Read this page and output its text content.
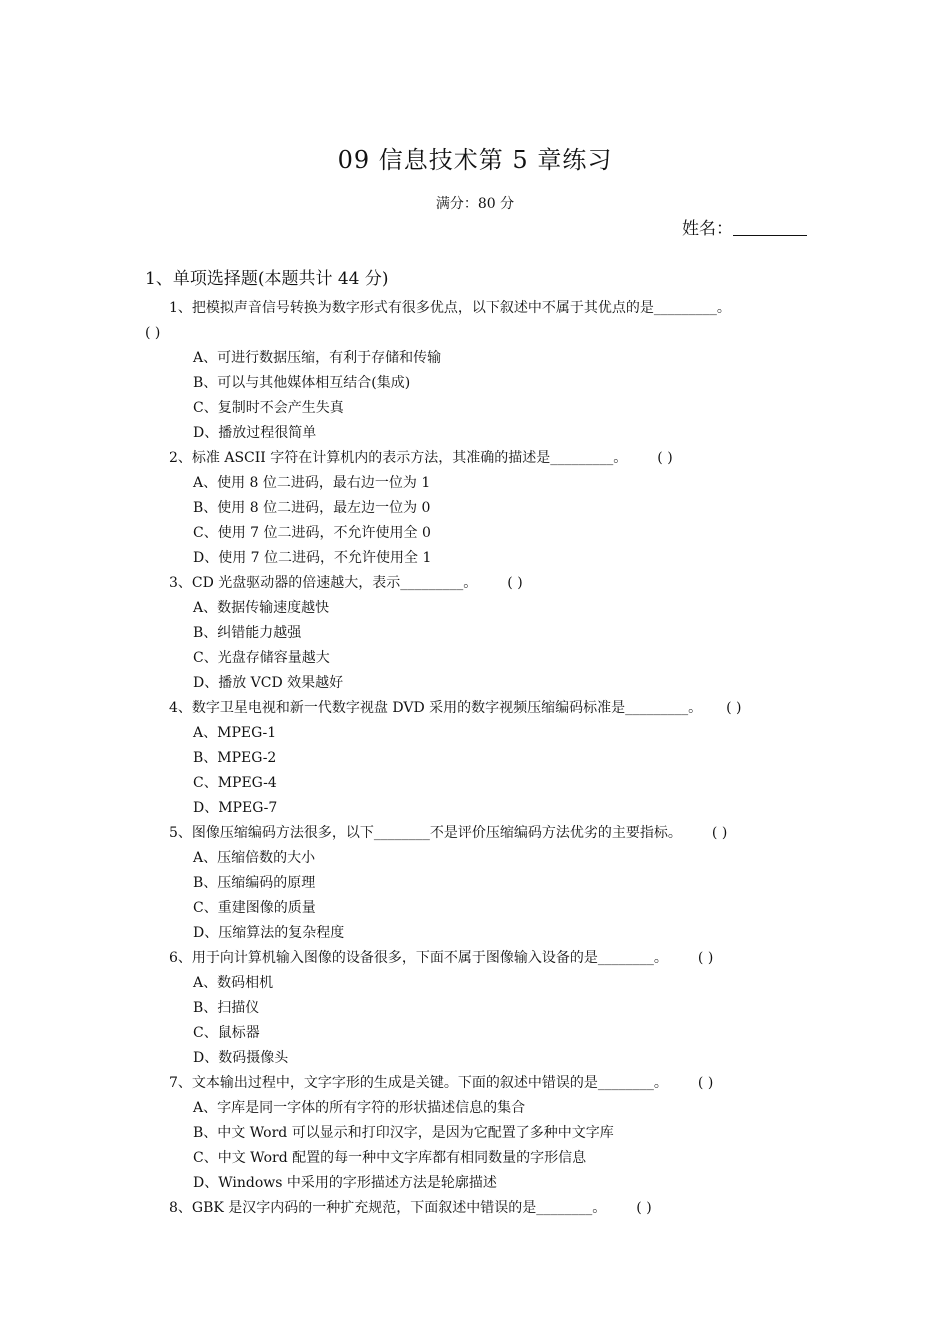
09 信息技术第 5 章练习
满分：80 分
姓名：
1、单项选择题(本题共计 44 分)
1、把模拟声音信号转换为数字形式有很多优点，以下叙述中不属于其优点的是_________。
( )
A、可进行数据压缩，有利于存储和传输
B、可以与其他媒体相互结合(集成)
C、复制时不会产生失真
D、播放过程很简单
2、标准 ASCII 字符在计算机内的表示方法，其准确的描述是_________。 ( )
A、使用 8 位二进码，最右边一位为 1
B、使用 8 位二进码，最左边一位为 0
C、使用 7 位二进码，不允许使用全 0
D、使用 7 位二进码，不允许使用全 1
3、CD 光盘驱动器的倍速越大，表示_________。 ( )
A、数据传输速度越快
B、纠错能力越强
C、光盘存储容量越大
D、播放 VCD 效果越好
4、数字卫星电视和新一代数字视盘 DVD 采用的数字视频压缩编码标准是_________。 ( )
A、MPEG-1
B、MPEG-2
C、MPEG-4
D、MPEG-7
5、图像压缩编码方法很多，以下________不是评价压缩编码方法优劣的主要指标。 ( )
A、压缩倍数的大小
B、压缩编码的原理
C、重建图像的质量
D、压缩算法的复杂程度
6、用于向计算机输入图像的设备很多，下面不属于图像输入设备的是________。 ( )
A、数码相机
B、扫描仪
C、鼠标器
D、数码摄像头
7、文本输出过程中，文字字形的生成是关键。下面的叙述中错误的是________。 ( )
A、字库是同一字体的所有字符的形状描述信息的集合
B、中文 Word 可以显示和打印汉字，是因为它配置了多种中文字库
C、中文 Word 配置的每一种中文字库都有相同数量的字形信息
D、Windows 中采用的字形描述方法是轮廓描述
8、GBK 是汉字内码的一种扩充规范，下面叙述中错误的是________。 ( )
